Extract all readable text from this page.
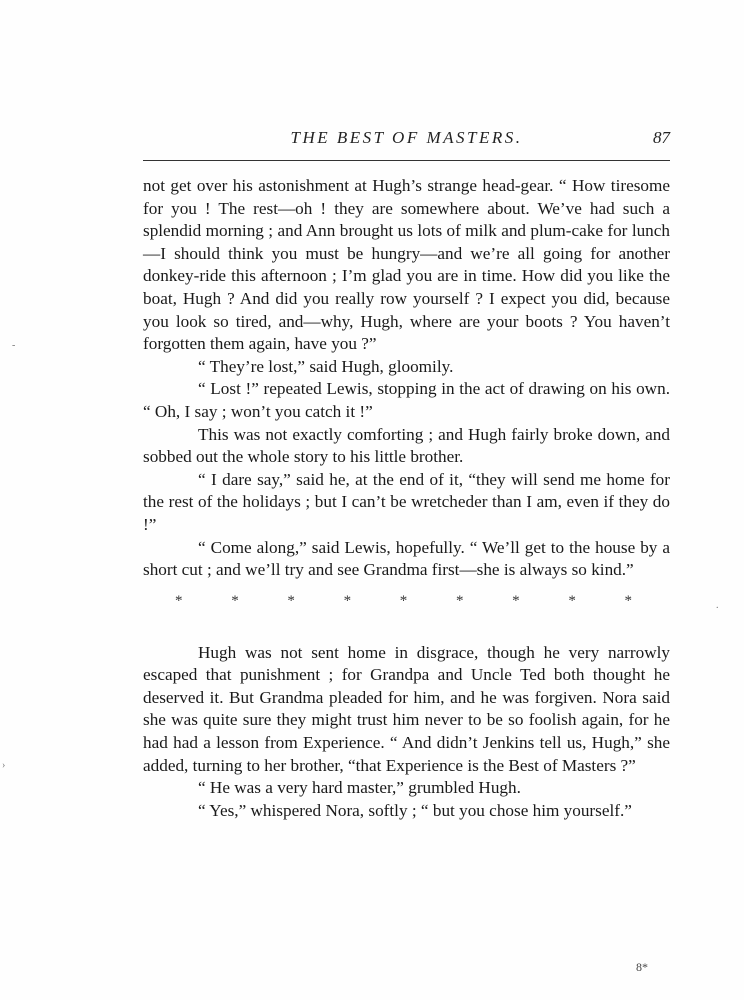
THE BEST OF MASTERS.	87

not get over his astonishment at Hugh’s strange head-gear. “ How tiresome for you ! The rest—oh ! they are somewhere about. We’ve had such a splendid morning ; and Ann brought us lots of milk and plum-cake for lunch—I should think you must be hungry—and we’re all going for another donkey-ride this afternoon ; I’m glad you are in time. How did you like the boat, Hugh ? And did you really row yourself ? I expect you did, because you look so tired, and—why, Hugh, where are your boots ? You haven’t forgotten them again, have you ?”

“ They’re lost,” said Hugh, gloomily.

“ Lost !” repeated Lewis, stopping in the act of drawing on his own. “ Oh, I say ; won’t you catch it !”

This was not exactly comforting ; and Hugh fairly broke down, and sobbed out the whole story to his little brother.

“ I dare say,” said he, at the end of it, “they will send me home for the rest of the holidays ; but I can’t be wretcheder than I am, even if they do !”

“ Come along,” said Lewis, hopefully. “ We’ll get to the house by a short cut ; and we’ll try and see Grandma first—she is always so kind.”

*	*	*	*	*	*	*	*	*

Hugh was not sent home in disgrace, though he very narrowly escaped that punishment ; for Grandpa and Uncle Ted both thought he deserved it. But Grandma pleaded for him, and he was forgiven. Nora said she was quite sure they might trust him never to be so foolish again, for he had had a lesson from Experience. “ And didn’t Jenkins tell us, Hugh,” she added, turning to her brother, “that Experience is the Best of Masters ?”

“ He was a very hard master,” grumbled Hugh.

“ Yes,” whispered Nora, softly ; “ but you chose him yourself.”

8*
-
.
›
